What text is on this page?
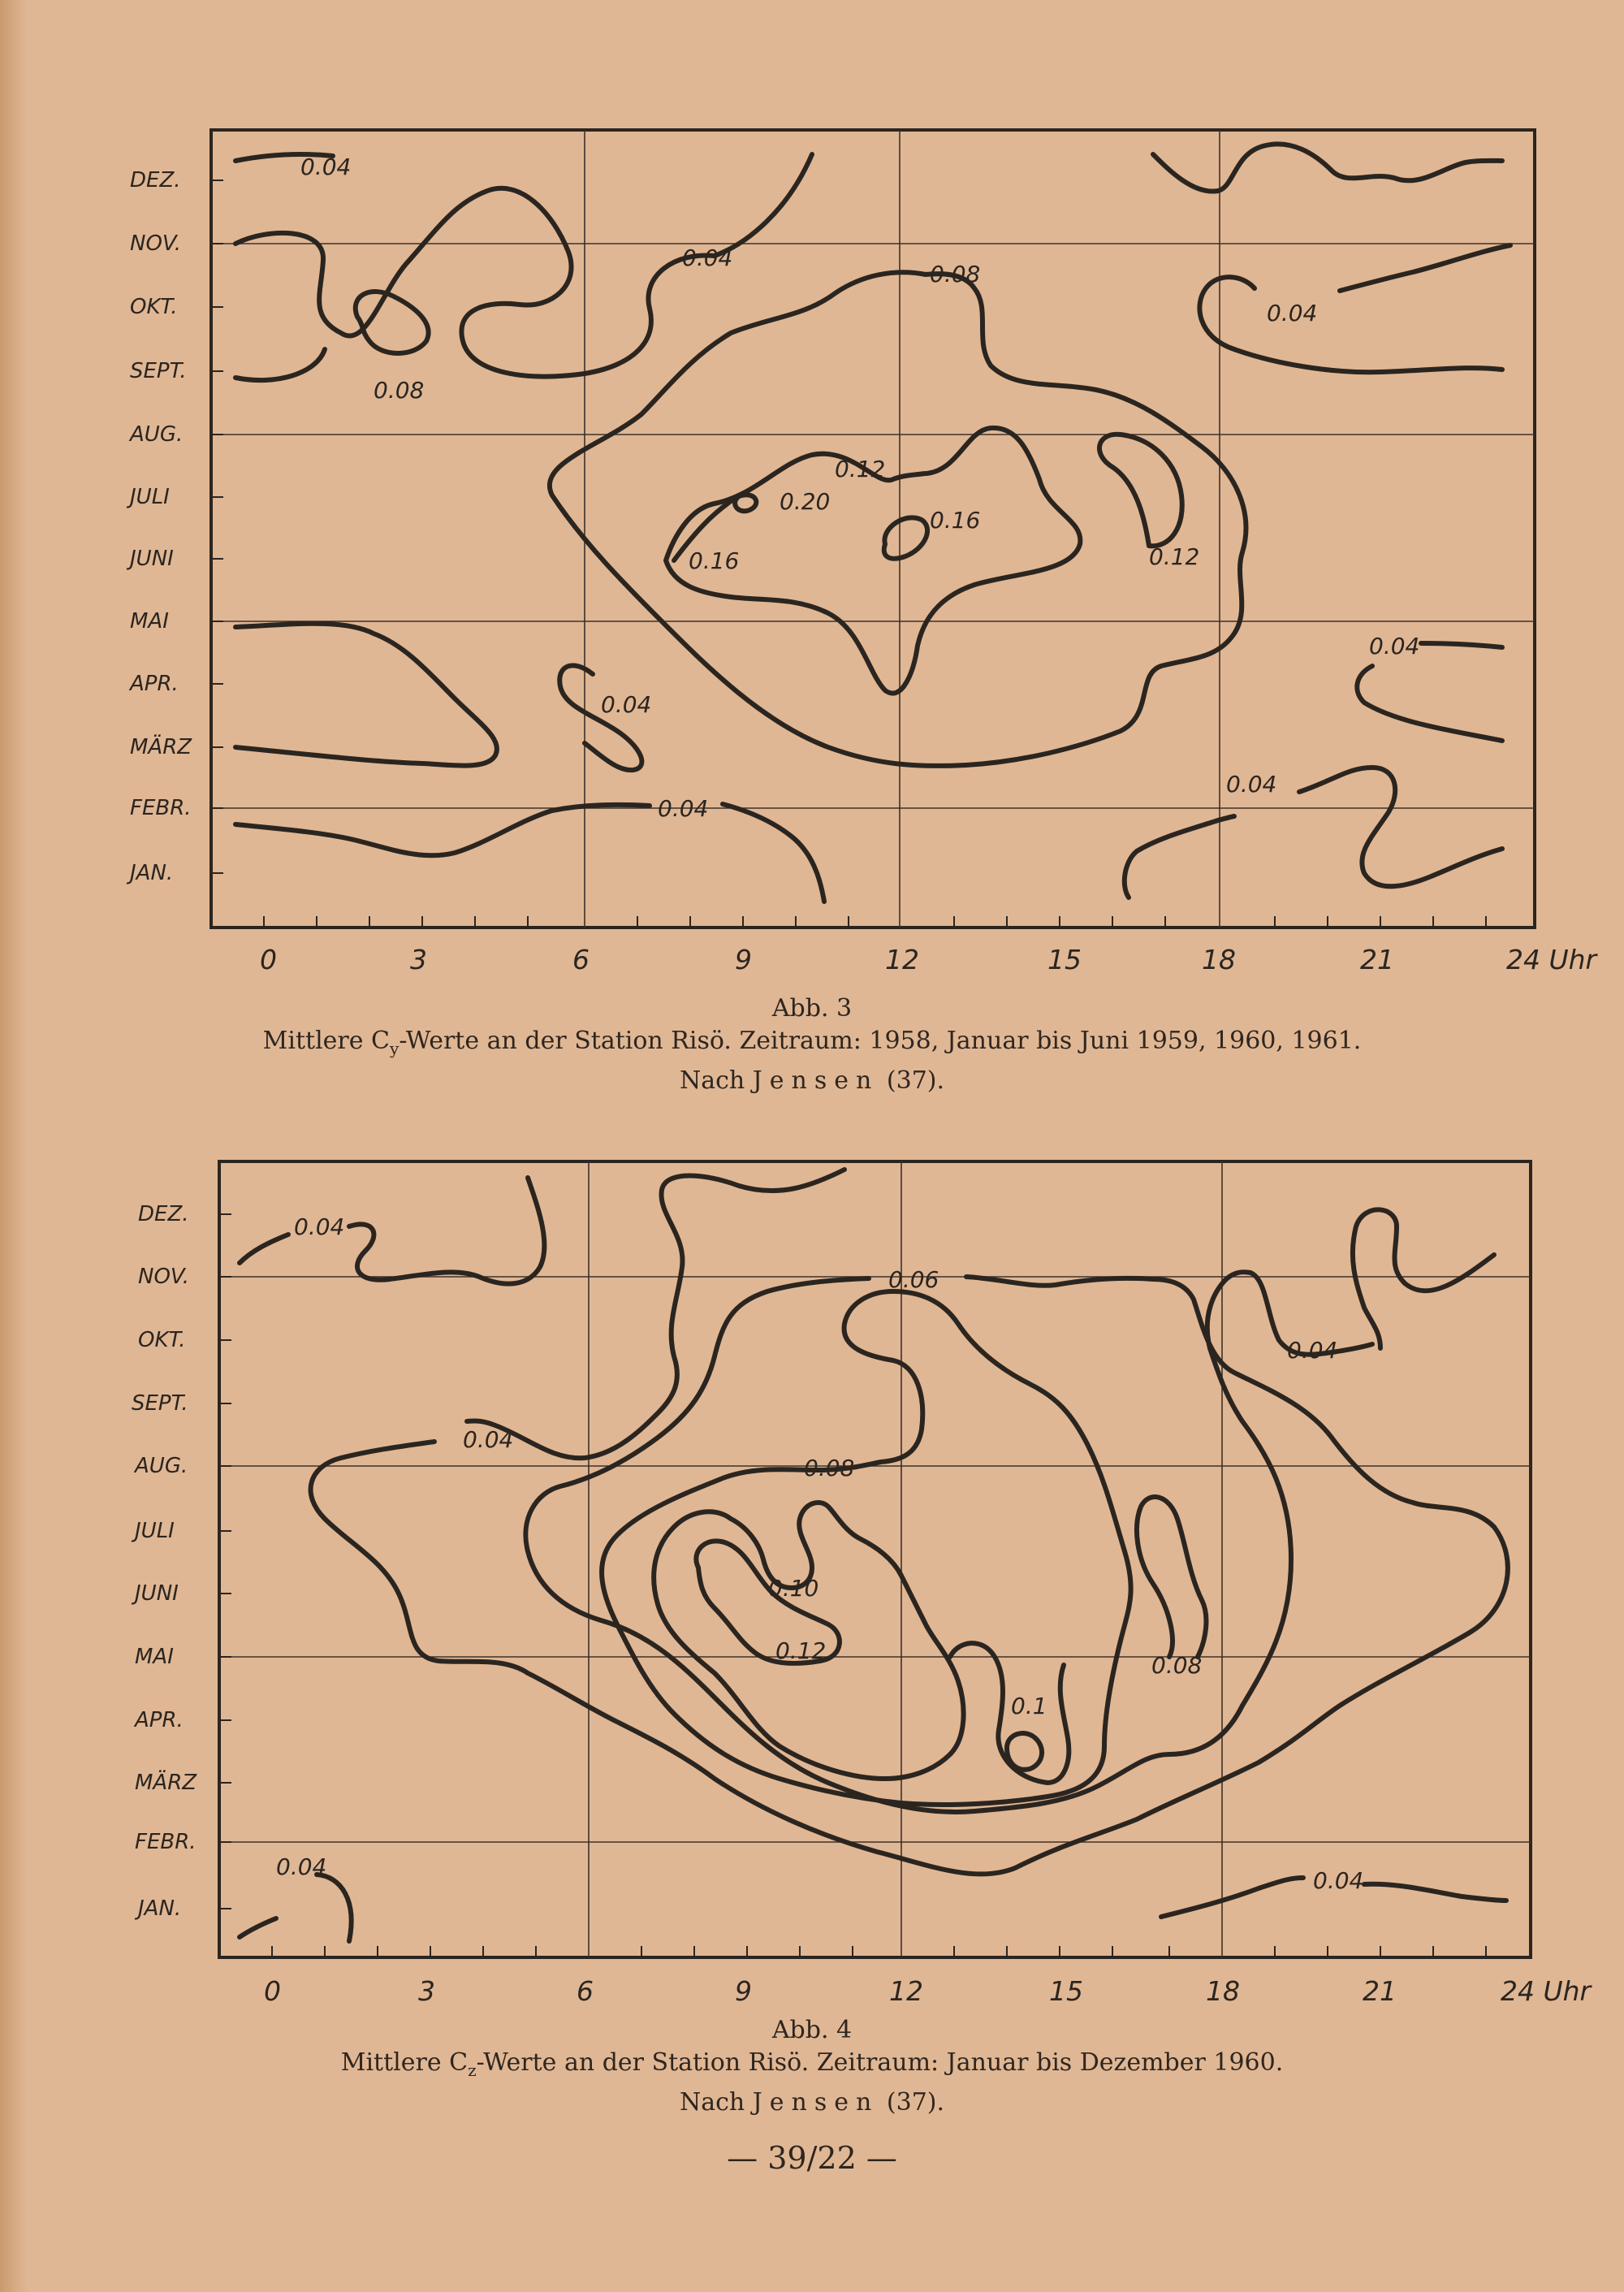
0.04
0.04
0.08
0.08
0.04
0.12
0.20
0.16
0.16	0.12
0.04
0.04
0.04
0.04
DEZ.
NOV.
OKT.
SEPT.
AUG.
JULI
JUNI
MAI
APR.
MÄRZ
FEBR.
JAN.
0	3	6	9	12	15	18	21	24 Uhr
Abb. 3
Mittlere $C_y$-Werte an der Station Risö. Zeitraum: 1958, Januar bis Juni 1959, 1960, 1961.
Nach Jensen (37).
0.04
0.06
0.04
0.04
0.08
0.10
0.12
0.1
0.08
0.04
0.04
DEZ.
NOV.
OKT.
SEPT.
AUG.
JULI
JUNI
MAI
APR.
MÄRZ
FEBR.
JAN.
0	3	6	9	12	15	18	21	24 Uhr
Abb. 4
Mittlere $C_z$-Werte an der Station Risö. Zeitraum: Januar bis Dezember 1960.
Nach Jensen (37).
— 39/22 —
